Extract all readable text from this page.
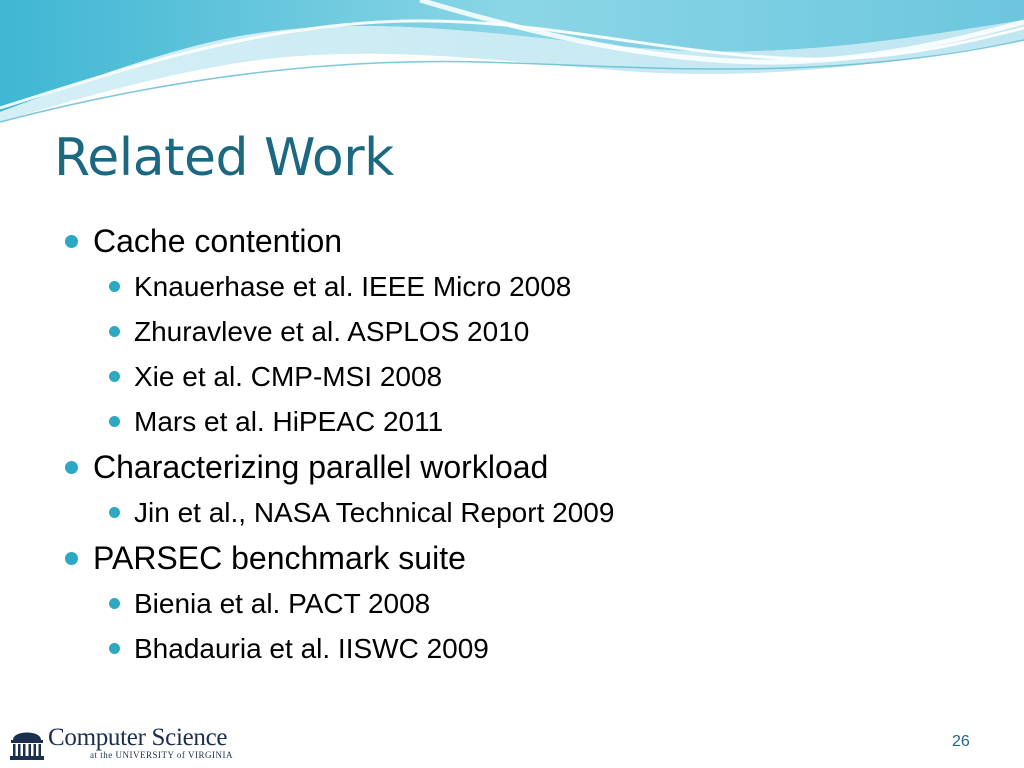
Related Work
Cache contention
Knauerhase et al. IEEE Micro 2008
Zhuravleve et al. ASPLOS 2010
Xie et al. CMP-MSI 2008
Mars et al. HiPEAC 2011
Characterizing parallel workload
Jin et al., NASA Technical Report 2009
PARSEC benchmark suite
Bienia et al. PACT 2008
Bhadauria et al. IISWC 2009
Computer Science
at the UNIVERSITY of VIRGINIA
26
